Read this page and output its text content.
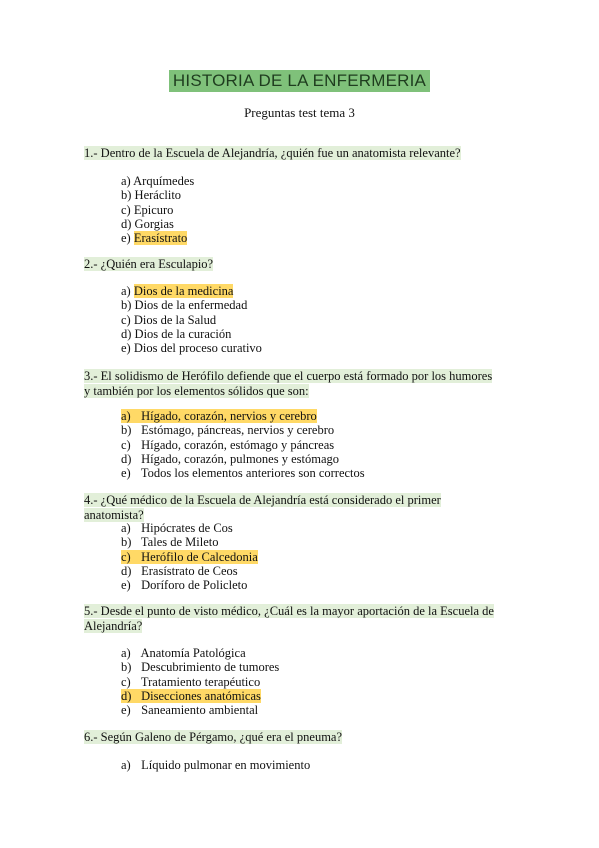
HISTORIA DE LA ENFERMERIA
Preguntas test tema 3
1.- Dentro de la Escuela de Alejandría, ¿quién fue un anatomista relevante?
a) Arquímedes
b) Heráclito
c) Epicuro
d) Gorgias
e) Erasístrato
2.- ¿Quién era Esculapio?
a) Dios de la medicina
b) Dios de la enfermedad
c) Dios de la Salud
d) Dios de la curación
e) Dios del proceso curativo
3.- El solidismo de Herófilo defiende que el cuerpo está formado por los humores y también por los elementos sólidos que son:
a) Hígado, corazón, nervios y cerebro
b) Estómago, páncreas, nervios y cerebro
c) Hígado, corazón, estómago y páncreas
d) Hígado, corazón, pulmones y estómago
e) Todos los elementos anteriores son correctos
4.- ¿Qué médico de la Escuela de Alejandría está considerado el primer anatomista?
a) Hipócrates de Cos
b) Tales de Mileto
c) Herófilo de Calcedonia
d) Erasístrato de Ceos
e) Doríforo de Policleto
5.- Desde el punto de visto médico, ¿Cuál es la mayor aportación de la Escuela de Alejandría?
a) Anatomía Patológica
b) Descubrimiento de tumores
c) Tratamiento terapéutico
d) Disecciones anatómicas
e) Saneamiento ambiental
6.- Según Galeno de Pérgamo, ¿qué era el pneuma?
a) Líquido pulmonar en movimiento
